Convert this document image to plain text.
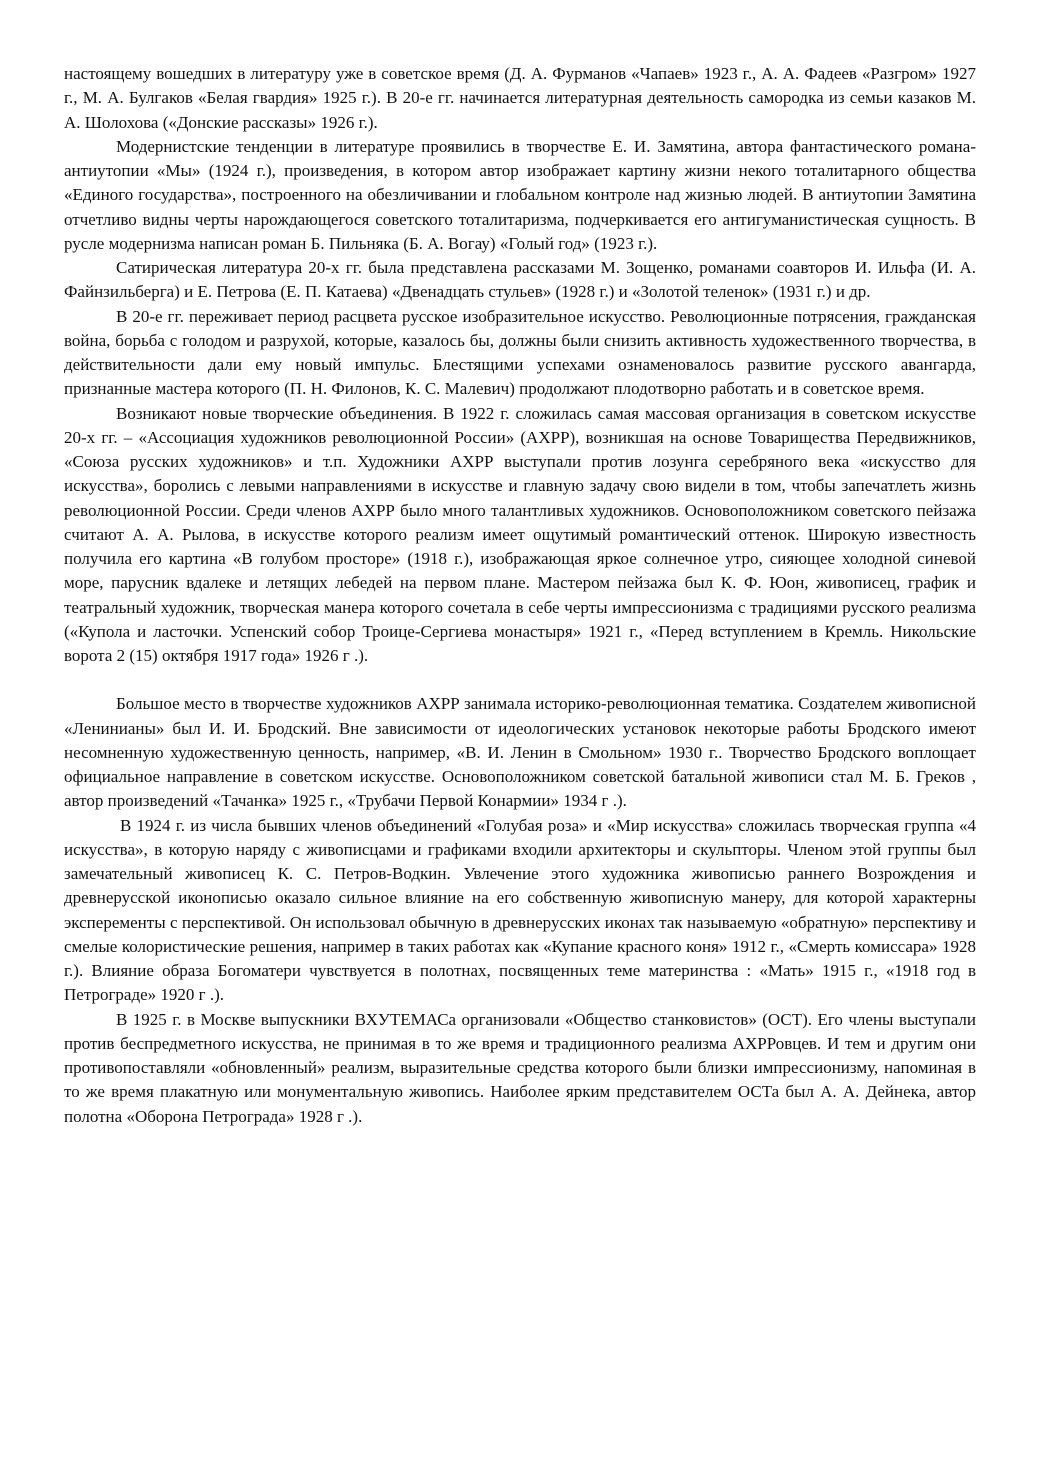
настоящему вошедших в литературу уже в советское время (Д. А. Фурманов «Чапаев» 1923 г., А. А. Фадеев «Разгром» 1927 г., М. А. Булгаков «Белая гвардия» 1925 г.). В 20-е гг. начинается литературная деятельность самородка из семьи казаков М. А. Шолохова («Донские рассказы» 1926 г.).

Модернистские тенденции в литературе проявились в творчестве Е. И. Замятина, автора фантастического романа-антиутопии «Мы» (1924 г.), произведения, в котором автор изображает картину жизни некого тоталитарного общества «Единого государства», построенного на обезличивании и глобальном контроле над жизнью людей. В антиутопии Замятина отчетливо видны черты нарождающегося советского тоталитаризма, подчеркивается его антигуманистическая сущность. В русле модернизма написан роман Б. Пильняка (Б. А. Вогау) «Голый год» (1923 г.).

Сатирическая литература 20-х гг. была представлена рассказами М. Зощенко, романами соавторов И. Ильфа (И. А. Файнзильберга) и Е. Петрова (Е. П. Катаева) «Двенадцать стульев» (1928 г.) и «Золотой теленок» (1931 г.) и др.

В 20-е гг. переживает период расцвета русское изобразительное искусство. Революционные потрясения, гражданская война, борьба с голодом и разрухой, которые, казалось бы, должны были снизить активность художественного творчества, в действительности дали ему новый импульс. Блестящими успехами ознаменовалось развитие русского авангарда, признанные мастера которого (П. Н. Филонов, К. С. Малевич) продолжают плодотворно работать и в советское время.

Возникают новые творческие объединения. В 1922 г. сложилась самая массовая организация в советском искусстве 20-х гг. – «Ассоциация художников революционной России» (АХРР), возникшая на основе Товарищества Передвижников, «Союза русских художников» и т.п. Художники АХРР выступали против лозунга серебряного века «искусство для искусства», боролись с левыми направлениями в искусстве и главную задачу свою видели в том, чтобы запечатлеть жизнь революционной России. Среди членов АХРР было много талантливых художников. Основоположником советского пейзажа считают А. А. Рылова, в искусстве которого реализм имеет ощутимый романтический оттенок. Широкую известность получила его картина «В голубом просторе» (1918 г.), изображающая яркое солнечное утро, сияющее холодной синевой море, парусник вдалеке и летящих лебедей на первом плане. Мастером пейзажа был К. Ф. Юон, живописец, график и театральный художник, творческая манера которого сочетала в себе черты импрессионизма с традициями русского реализма («Купола и ласточки. Успенский собор Троице-Сергиева монастыря» 1921 г., «Перед вступлением в Кремль. Никольские ворота 2 (15) октября 1917 года» 1926 г .).

Большое место в творчестве художников АХРР занимала историко-революционная тематика. Создателем живописной «Ленинианы» был И. И. Бродский. Вне зависимости от идеологических установок некоторые работы Бродского имеют несомненную художественную ценность, например, «В. И. Ленин в Смольном» 1930 г.. Творчество Бродского воплощает официальное направление в советском искусстве. Основоположником советской батальной живописи стал М. Б. Греков , автор произведений «Тачанка» 1925 г., «Трубачи Первой Конармии» 1934 г .).

В 1924 г. из числа бывших членов объединений «Голубая роза» и «Мир искусства» сложилась творческая группа «4 искусства», в которую наряду с живописцами и графиками входили архитекторы и скульпторы. Членом этой группы был замечательный живописец К. С. Петров-Водкин. Увлечение этого художника живописью раннего Возрождения и древнерусской иконописью оказало сильное влияние на его собственную живописную манеру, для которой характерны эксперементы с перспективой. Он использовал обычную в древнерусских иконах так называемую «обратную» перспективу и смелые колористические решения, например в таких работах как «Купание красного коня» 1912 г., «Смерть комиссара» 1928 г.). Влияние образа Богоматери чувствуется в полотнах, посвященных теме материнства : «Мать» 1915 г., «1918 год в Петрограде» 1920 г .).

В 1925 г. в Москве выпускники ВХУТЕМАСа организовали «Общество станковистов» (ОСТ). Его члены выступали против беспредметного искусства, не принимая в то же время и традиционного реализма АХРРовцев. И тем и другим они противопоставляли «обновленный» реализм, выразительные средства которого были близки импрессионизму, напоминая в то же время плакатную или монументальную живопись. Наиболее ярким представителем ОСТа был А. А. Дейнека, автор полотна «Оборона Петрограда» 1928 г .).
